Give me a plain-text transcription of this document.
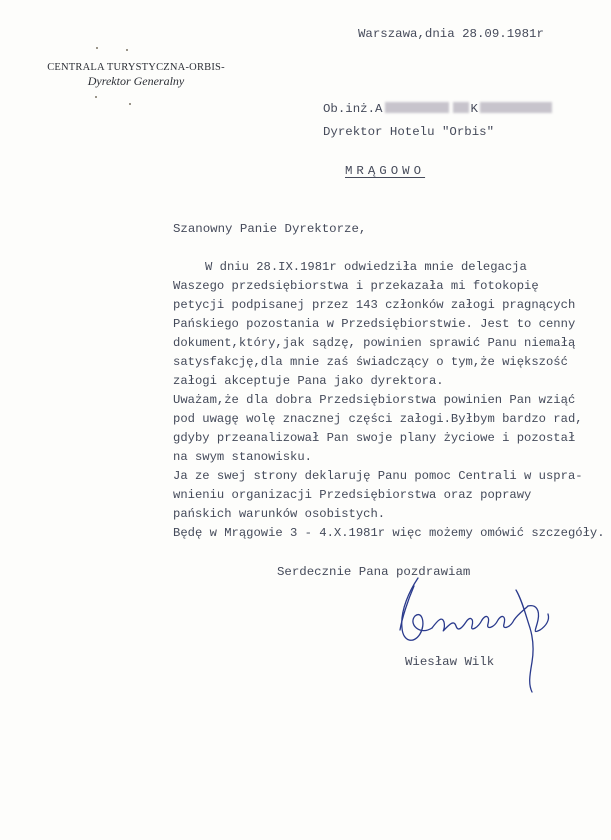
CENTRALA TURYSTYCZNA-ORBIS-
Dyrektor Generalny
Warszawa,dnia 28.09.1981r
Ob.inż.A	K
Dyrektor Hotelu "Orbis"
MRĄGOWO
Szanowny Panie Dyrektorze,
W dniu 28.IX.1981r odwiedziła mnie delegacja
Waszego przedsiębiorstwa i przekazała mi fotokopię
petycji podpisanej przez 143 członków załogi pragnących
Pańskiego pozostania w Przedsiębiorstwie. Jest to cenny
dokument,który,jak sądzę, powinien sprawić Panu niemałą
satysfakcję,dla mnie zaś świadczący o tym,że większość
załogi akceptuje Pana jako dyrektora.
Uważam,że dla dobra Przedsiębiorstwa powinien Pan wziąć
pod uwagę wolę znacznej części załogi.Byłbym bardzo rad,
gdyby przeanalizował Pan swoje plany życiowe i pozostał
na swym stanowisku.
Ja ze swej strony deklaruję Panu pomoc Centrali w uspra-
wnieniu organizacji Przedsiębiorstwa oraz poprawy
pańskich warunków osobistych.
Będę w Mrągowie 3 - 4.X.1981r więc możemy omówić szczegóły.
Serdecznie Pana pozdrawiam
Wiesław Wilk
